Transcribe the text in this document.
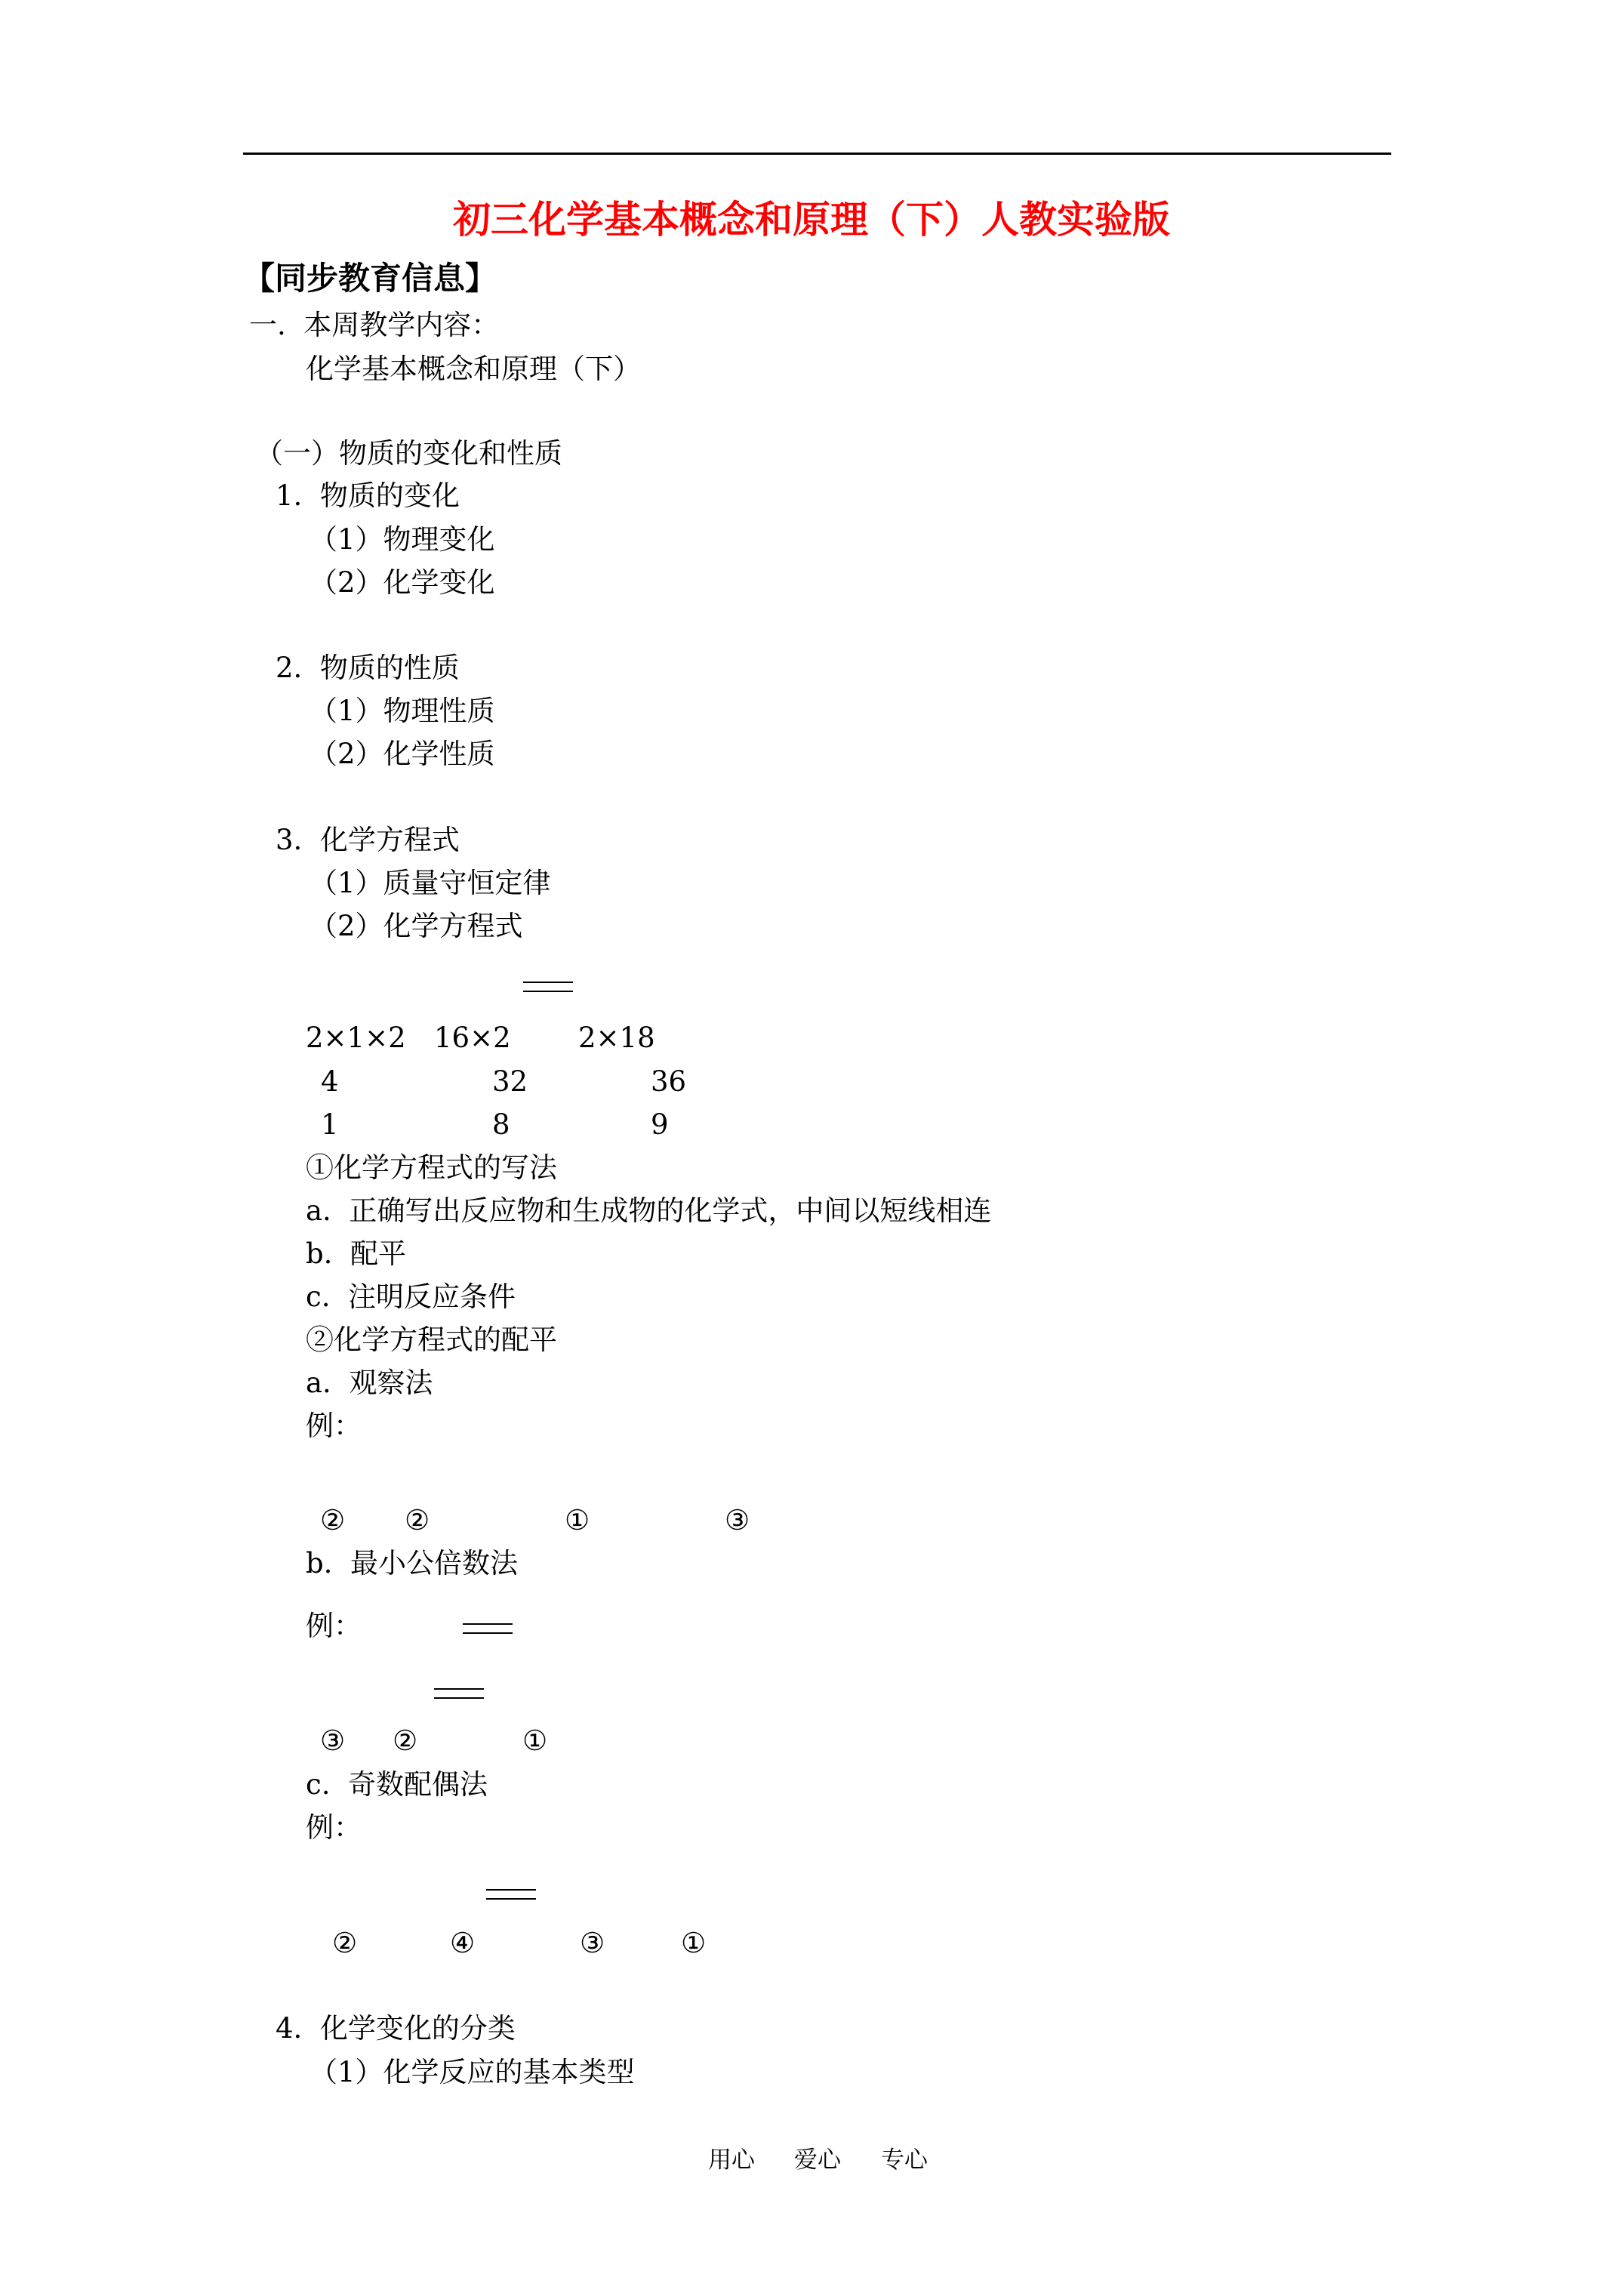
初三化学基本概念和原理（下）人教实验版
【同步教育信息】
一.  本周教学内容：
化学基本概念和原理（下）
（一）物质的变化和性质
1.  物质的变化
（1）物理变化
（2）化学变化
2.  物质的性质
（1）物理性质
（2）化学性质
3.  化学方程式
（1）质量守恒定律
（2）化学方程式
2×1×2 16×2 2×18
4	32	36
1	8	9
①化学方程式的写法
a.  正确写出反应物和生成物的化学式，中间以短线相连
b.  配平
c.  注明反应条件
②化学方程式的配平
a.  观察法
例：
② ②	①	③
b.  最小公倍数法
例：
③ ②	①
c.  奇数配偶法
例：
②	④	③	①
4.  化学变化的分类
（1）化学反应的基本类型
用心 爱心 专心
